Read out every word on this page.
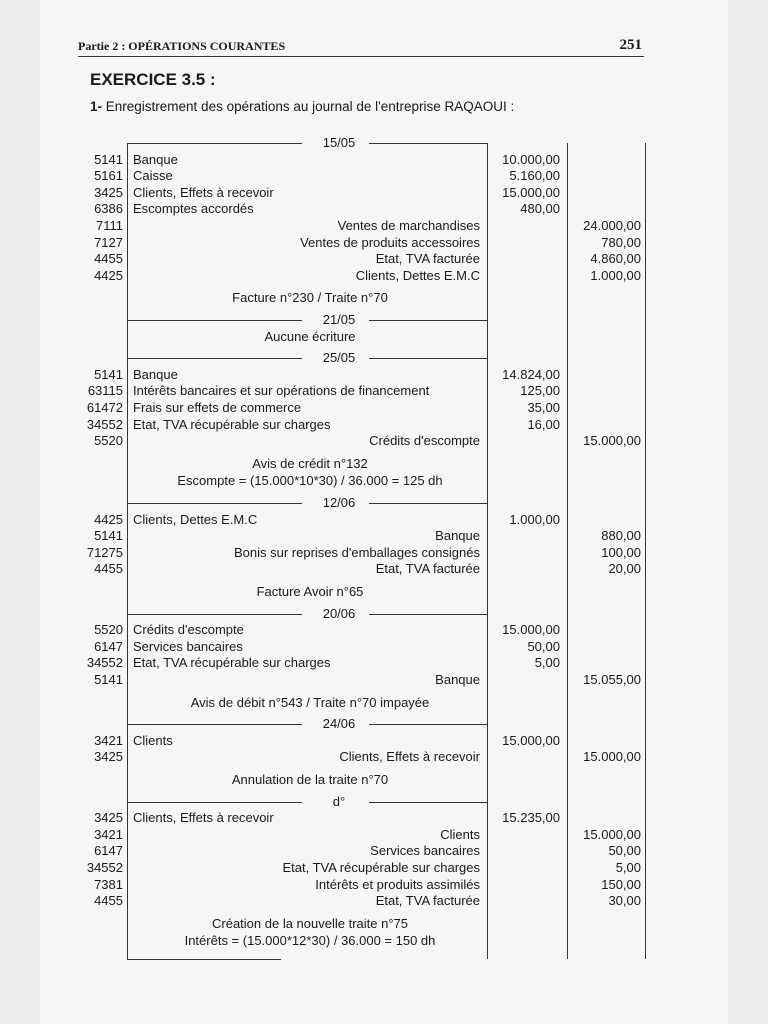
Partie 2 : OPÉRATIONS COURANTES	251
EXERCICE 3.5 :
1- Enregistrement des opérations au journal de l'entreprise RAQAOUI :
15/05
5141 Banque	10.000,00
5161 Caisse	5.160,00
3425 Clients, Effets à recevoir	15.000,00
6386 Escomptes accordés	480,00
7111	Ventes de marchandises	24.000,00
7127	Ventes de produits accessoires	780,00
4455	Etat, TVA facturée	4.860,00
4425	Clients, Dettes E.M.C	1.000,00
Facture n°230 / Traite n°70
21/05
Aucune écriture
25/05
5141 Banque	14.824,00
63115 Intérêts bancaires et sur opérations de financement	125,00
61472 Frais sur effets de commerce	35,00
34552 Etat, TVA récupérable sur charges	16,00
5520	Crédits d'escompte	15.000,00
Avis de crédit n°132
Escompte = (15.000*10*30) / 36.000 = 125 dh
12/06
4425 Clients, Dettes E.M.C	1.000,00
5141	Banque	880,00
71275	Bonis sur reprises d'emballages consignés	100,00
4455	Etat, TVA facturée	20,00
Facture Avoir n°65
20/06
5520 Crédits d'escompte	15.000,00
6147 Services bancaires	50,00
34552 Etat, TVA récupérable sur charges	5,00
5141	Banque	15.055,00
Avis de débit n°543 / Traite n°70 impayée
24/06
3421 Clients	15.000,00
3425	Clients, Effets à recevoir	15.000,00
Annulation de la traite n°70
d°
3425 Clients, Effets à recevoir	15.235,00
3421	Clients	15.000,00
6147	Services bancaires	50,00
34552	Etat, TVA récupérable sur charges	5,00
7381	Intérêts et produits assimilés	150,00
4455	Etat, TVA facturée	30,00
Création de la nouvelle traite n°75
Intérêts = (15.000*12*30) / 36.000 = 150 dh
